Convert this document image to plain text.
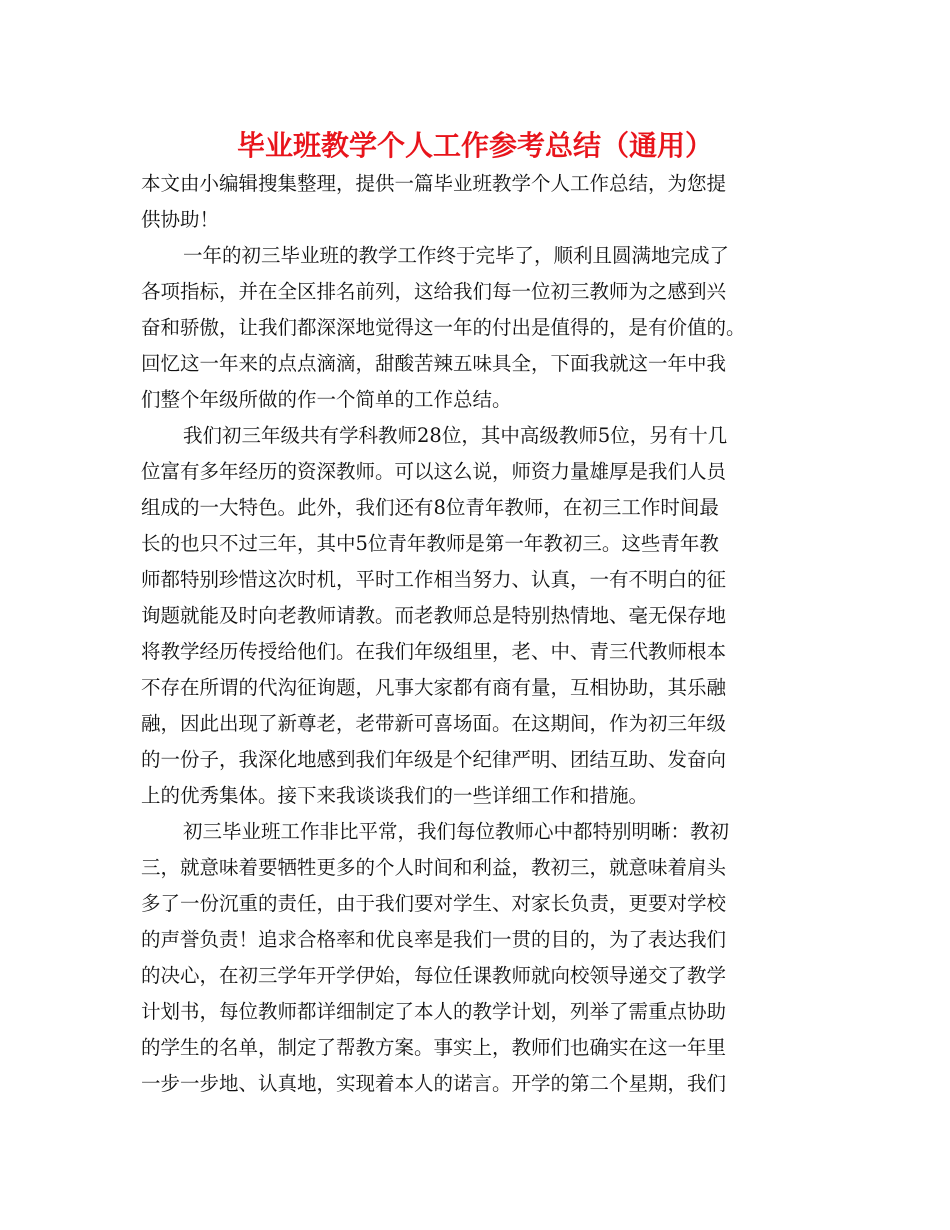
毕业班教学个人工作参考总结（通用）
本文由小编辑搜集整理，提供一篇毕业班教学个人工作总结，为您提
供协助！
一年的初三毕业班的教学工作终于完毕了，顺利且圆满地完成了
各项指标，并在全区排名前列，这给我们每一位初三教师为之感到兴
奋和骄傲，让我们都深深地觉得这一年的付出是值得的，是有价值的。
回忆这一年来的点点滴滴，甜酸苦辣五味具全，下面我就这一年中我
们整个年级所做的作一个简单的工作总结。
我们初三年级共有学科教师28位，其中高级教师5位，另有十几
位富有多年经历的资深教师。可以这么说，师资力量雄厚是我们人员
组成的一大特色。此外，我们还有8位青年教师，在初三工作时间最
长的也只不过三年，其中5位青年教师是第一年教初三。这些青年教
师都特别珍惜这次时机，平时工作相当努力、认真，一有不明白的征
询题就能及时向老教师请教。而老教师总是特别热情地、毫无保存地
将教学经历传授给他们。在我们年级组里，老、中、青三代教师根本
不存在所谓的代沟征询题，凡事大家都有商有量，互相协助，其乐融
融，因此出现了新尊老，老带新可喜场面。在这期间，作为初三年级
的一份子，我深化地感到我们年级是个纪律严明、团结互助、发奋向
上的优秀集体。接下来我谈谈我们的一些详细工作和措施。
初三毕业班工作非比平常，我们每位教师心中都特别明晰：教初
三，就意味着要牺牲更多的个人时间和利益，教初三，就意味着肩头
多了一份沉重的责任，由于我们要对学生、对家长负责，更要对学校
的声誉负责！追求合格率和优良率是我们一贯的目的，为了表达我们
的决心，在初三学年开学伊始，每位任课教师就向校领导递交了教学
计划书，每位教师都详细制定了本人的教学计划，列举了需重点协助
的学生的名单，制定了帮教方案。事实上，教师们也确实在这一年里
一步一步地、认真地，实现着本人的诺言。开学的第二个星期，我们
